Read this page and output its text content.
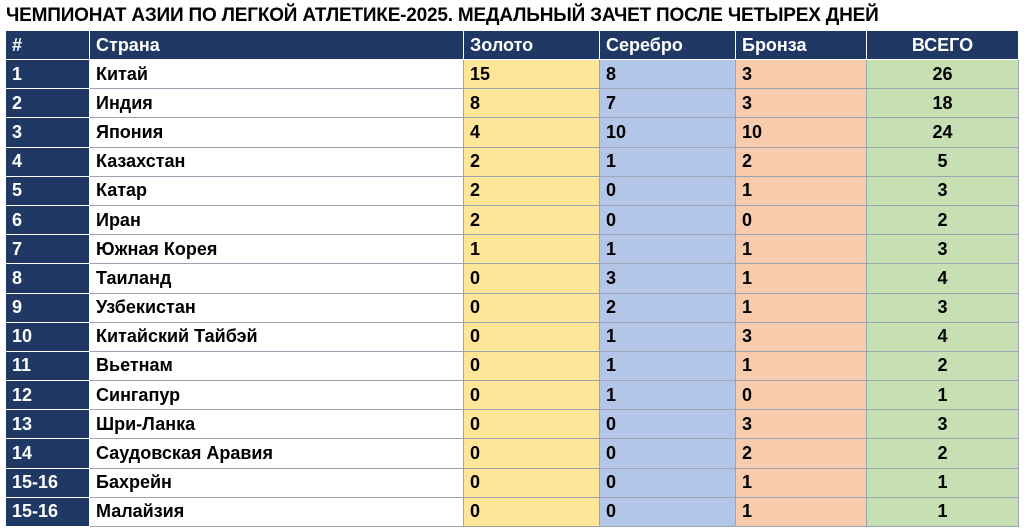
ЧЕМПИОНАТ АЗИИ ПО ЛЕГКОЙ АТЛЕТИКЕ-2025. МЕДАЛЬНЫЙ ЗАЧЕТ ПОСЛЕ ЧЕТЫРЕХ ДНЕЙ
#	Страна	Золото	Серебро	Бронза	ВСЕГО
1	Китай	15	8	3	26
2	Индия	8	7	3	18
3	Япония	4	10	10	24
4	Казахстан	2	1	2	5
5	Катар	2	0	1	3
6	Иран	2	0	0	2
7	Южная Корея	1	1	1	3
8	Таиланд	0	3	1	4
9	Узбекистан	0	2	1	3
10	Китайский Тайбэй	0	1	3	4
11	Вьетнам	0	1	1	2
12	Сингапур	0	1	0	1
13	Шри-Ланка	0	0	3	3
14	Саудовская Аравия	0	0	2	2
15-16	Бахрейн	0	0	1	1
15-16	Малайзия	0	0	1	1
